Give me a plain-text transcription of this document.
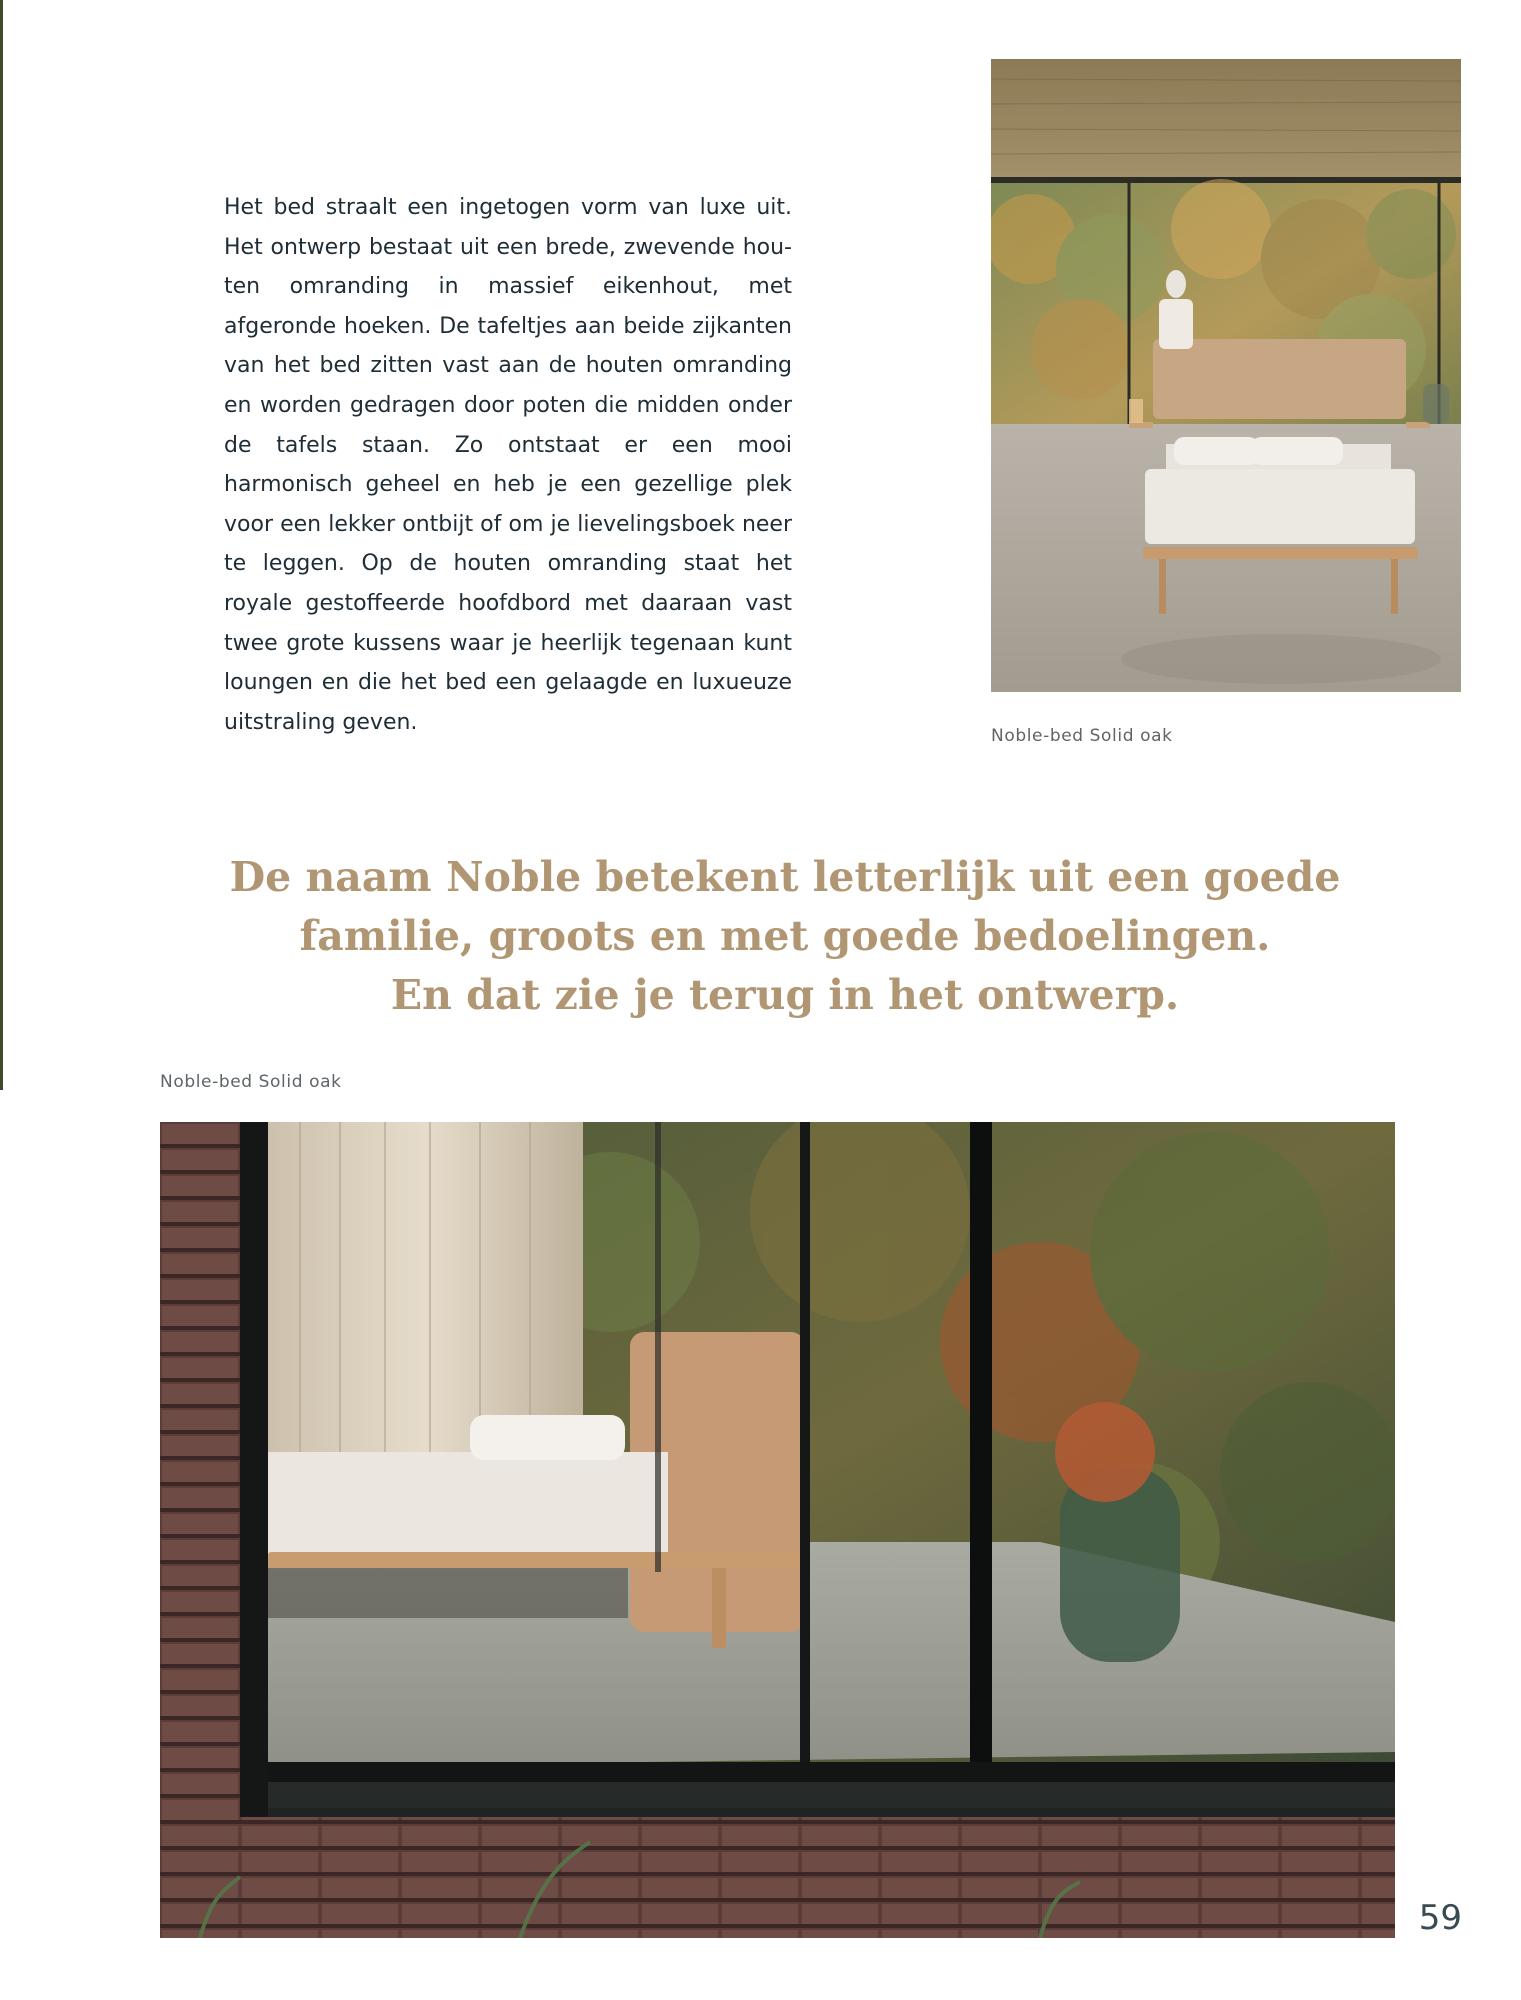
Het bed straalt een ingetogen vorm van luxe uit. Het ontwerp bestaat uit een brede, zwevende houten omranding in massief eikenhout, met afgeronde hoeken. De tafeltjes aan beide zijkanten van het bed zitten vast aan de houten omranding en worden gedragen door poten die midden onder de tafels staan. Zo ontstaat er een mooi harmonisch geheel en heb je een gezellige plek voor een lekker ontbijt of om je lievelingsboek neer te leggen. Op de houten omranding staat het royale gestoffeerde hoofdbord met daaraan vast twee grote kussens waar je heerlijk tegenaan kunt loungen en die het bed een gelaagde en luxueuze uitstraling geven.

Noble-bed Solid oak

De naam Noble betekent letterlijk uit een goede
familie, groots en met goede bedoelingen.
En dat zie je terug in het ontwerp.

Noble-bed Solid oak

59
